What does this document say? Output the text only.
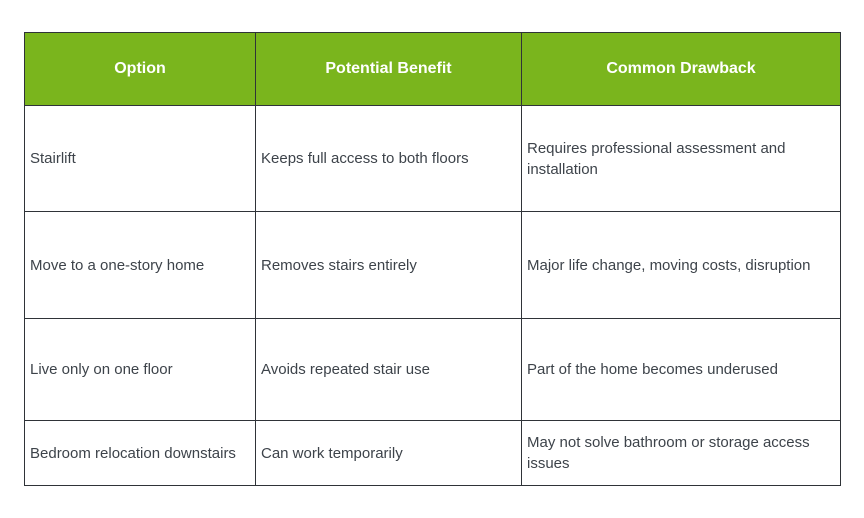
Option	Potential Benefit	Common Drawback
Stairlift	Keeps full access to both floors	Requires professional assessment and installation
Move to a one-story home	Removes stairs entirely	Major life change, moving costs, disruption
Live only on one floor	Avoids repeated stair use	Part of the home becomes underused
Bedroom relocation downstairs	Can work temporarily	May not solve bathroom or storage access issues
